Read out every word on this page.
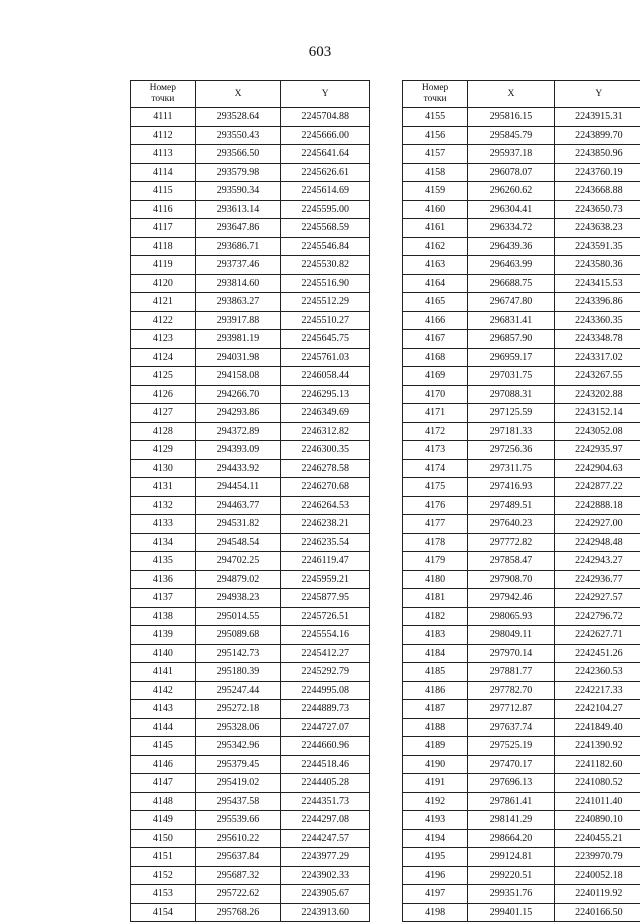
603
Номер
точки	X	Y
4111	293528.64	2245704.88
4112	293550.43	2245666.00
4113	293566.50	2245641.64
4114	293579.98	2245626.61
4115	293590.34	2245614.69
4116	293613.14	2245595.00
4117	293647.86	2245568.59
4118	293686.71	2245546.84
4119	293737.46	2245530.82
4120	293814.60	2245516.90
4121	293863.27	2245512.29
4122	293917.88	2245510.27
4123	293981.19	2245645.75
4124	294031.98	2245761.03
4125	294158.08	2246058.44
4126	294266.70	2246295.13
4127	294293.86	2246349.69
4128	294372.89	2246312.82
4129	294393.09	2246300.35
4130	294433.92	2246278.58
4131	294454.11	2246270.68
4132	294463.77	2246264.53
4133	294531.82	2246238.21
4134	294548.54	2246235.54
4135	294702.25	2246119.47
4136	294879.02	2245959.21
4137	294938.23	2245877.95
4138	295014.55	2245726.51
4139	295089.68	2245554.16
4140	295142.73	2245412.27
4141	295180.39	2245292.79
4142	295247.44	2244995.08
4143	295272.18	2244889.73
4144	295328.06	2244727.07
4145	295342.96	2244660.96
4146	295379.45	2244518.46
4147	295419.02	2244405.28
4148	295437.58	2244351.73
4149	295539.66	2244297.08
4150	295610.22	2244247.57
4151	295637.84	2243977.29
4152	295687.32	2243902.33
4153	295722.62	2243905.67
4154	295768.26	2243913.60
Номер
точки	X	Y
4155	295816.15	2243915.31
4156	295845.79	2243899.70
4157	295937.18	2243850.96
4158	296078.07	2243760.19
4159	296260.62	2243668.88
4160	296304.41	2243650.73
4161	296334.72	2243638.23
4162	296439.36	2243591.35
4163	296463.99	2243580.36
4164	296688.75	2243415.53
4165	296747.80	2243396.86
4166	296831.41	2243360.35
4167	296857.90	2243348.78
4168	296959.17	2243317.02
4169	297031.75	2243267.55
4170	297088.31	2243202.88
4171	297125.59	2243152.14
4172	297181.33	2243052.08
4173	297256.36	2242935.97
4174	297311.75	2242904.63
4175	297416.93	2242877.22
4176	297489.51	2242888.18
4177	297640.23	2242927.00
4178	297772.82	2242948.48
4179	297858.47	2242943.27
4180	297908.70	2242936.77
4181	297942.46	2242927.57
4182	298065.93	2242796.72
4183	298049.11	2242627.71
4184	297970.14	2242451.26
4185	297881.77	2242360.53
4186	297782.70	2242217.33
4187	297712.87	2242104.27
4188	297637.74	2241849.40
4189	297525.19	2241390.92
4190	297470.17	2241182.60
4191	297696.13	2241080.52
4192	297861.41	2241011.40
4193	298141.29	2240890.10
4194	298664.20	2240455.21
4195	299124.81	2239970.79
4196	299220.51	2240052.18
4197	299351.76	2240119.92
4198	299401.15	2240166.50
